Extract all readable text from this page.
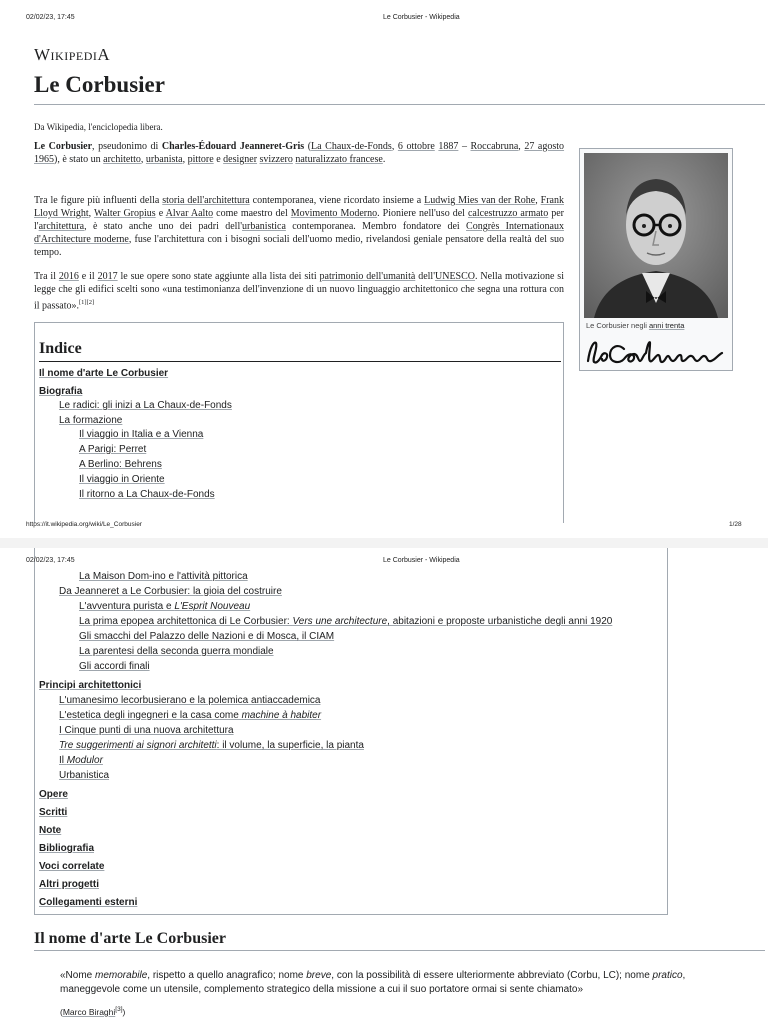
02/02/23, 17:45	Le Corbusier - Wikipedia
WikipediA
Le Corbusier

Da Wikipedia, l'enciclopedia libera.

Le Corbusier, pseudonimo di Charles-Édouard Jeanneret-Gris (La Chaux-de-Fonds, 6 ottobre 1887 – Roccabruna, 27 agosto 1965), è stato un architetto, urbanista, pittore e designer svizzero naturalizzato francese.

Tra le figure più influenti della storia dell'architettura contemporanea, viene ricordato insieme a Ludwig Mies van der Rohe, Frank Lloyd Wright, Walter Gropius e Alvar Aalto come maestro del Movimento Moderno. Pioniere nell'uso del calcestruzzo armato per l'architettura, è stato anche uno dei padri dell'urbanistica contemporanea. Membro fondatore dei Congrès Internationaux d'Architecture moderne, fuse l'architettura con i bisogni sociali dell'uomo medio, rivelandosi geniale pensatore della realtà del suo tempo.

Tra il 2016 e il 2017 le sue opere sono state aggiunte alla lista dei siti patrimonio dell'umanità dell'UNESCO. Nella motivazione si legge che gli edifici scelti sono «una testimonianza dell'invenzione di un nuovo linguaggio architettonico che segna una rottura con il passato».[1][2]

Le Corbusier negli anni trenta
Indice
Il nome d'arte Le Corbusier
Biografia
Le radici: gli inizi a La Chaux-de-Fonds
La formazione
Il viaggio in Italia e a Vienna
A Parigi: Perret
A Berlino: Behrens
Il viaggio in Oriente
Il ritorno a La Chaux-de-Fonds
https://it.wikipedia.org/wiki/Le_Corbusier	1/28
La Maison Dom-ino e l'attività pittorica
Da Jeanneret a Le Corbusier: la gioia del costruire
L'avventura purista e L'Esprit Nouveau
La prima epopea architettonica di Le Corbusier: Vers une architecture, abitazioni e proposte urbanistiche degli anni 1920
Gli smacchi del Palazzo delle Nazioni e di Mosca, il CIAM
La parentesi della seconda guerra mondiale
Gli accordi finali
Principi architettonici
L'umanesimo lecorbusierano e la polemica antiaccademica
L'estetica degli ingegneri e la casa come machine à habiter
I Cinque punti di una nuova architettura
Tre suggerimenti ai signori architetti: il volume, la superficie, la pianta
Il Modulor
Urbanistica
Opere
Scritti
Note
Bibliografia
Voci correlate
Altri progetti
Collegamenti esterni
02/02/23, 17:45	Le Corbusier - Wikipedia
Il nome d'arte Le Corbusier

«Nome memorabile, rispetto a quello anagrafico; nome breve, con la possibilità di essere ulteriormente abbreviato (Corbu, LC); nome pratico, maneggevole come un utensile, complemento strategico della missione a cui il suo portatore ormai si sente chiamato»

(Marco Biraghi[3])
